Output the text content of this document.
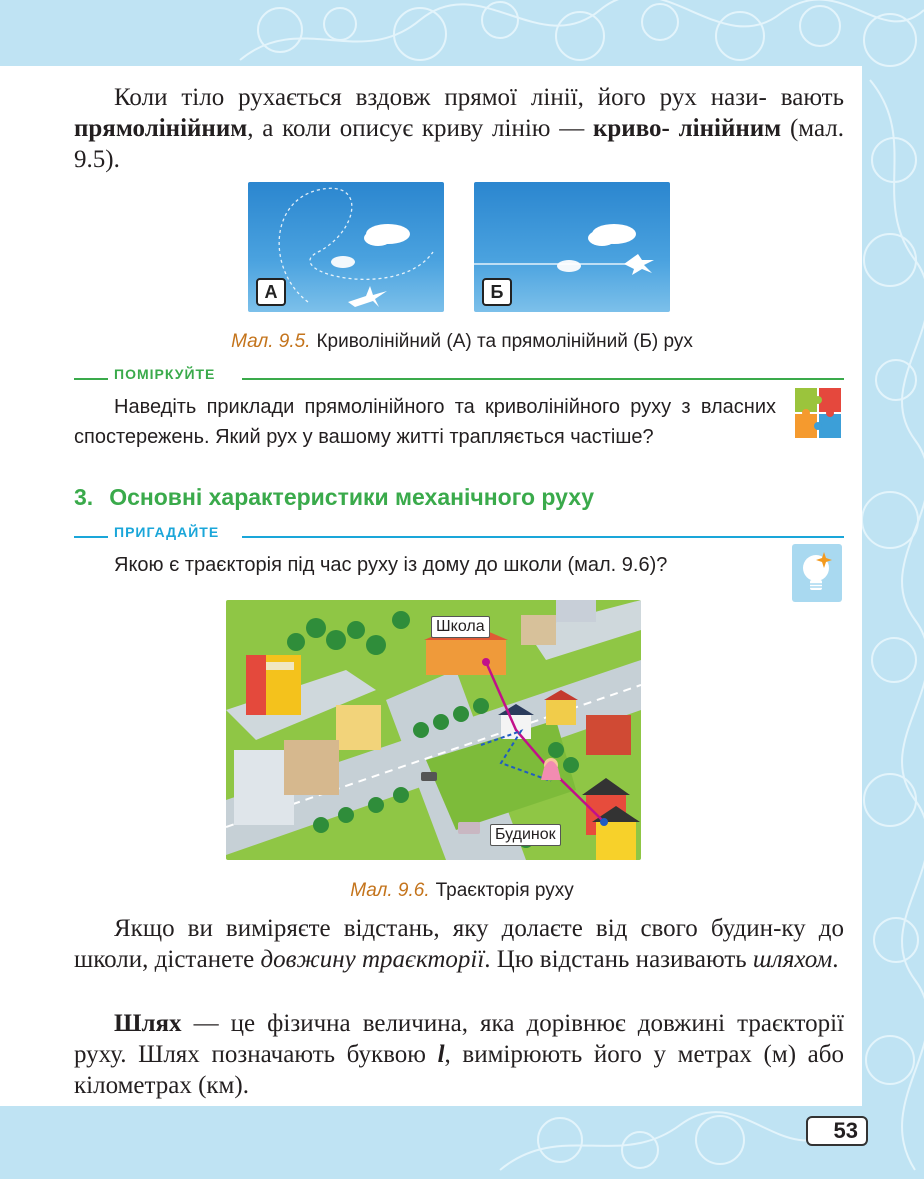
Коли тіло рухається вздовж прямої лінії, його рух нази- вають прямолінійним, а коли описує криву лінію — криво- лінійним (мал. 9.5).
А	Б
Мал. 9.5. Криволінійний (А) та прямолінійний (Б) рух
ПОМІРКУЙТЕ
Наведіть приклади прямолінійного та криволінійного руху з власних спостережень. Який рух у вашому житті трапляється частіше?
3. Основні характеристики механічного руху
ПРИГАДАЙТЕ
Якою є траєкторія під час руху із дому до школи (мал. 9.6)?
Школа
Будинок
Мал. 9.6. Траєкторія руху
Якщо ви виміряєте відстань, яку долаєте від свого будин-ку до школи, дістанете довжину траєкторії. Цю відстань називають шляхом.
Шлях — це фізична величина, яка дорівнює довжині траєкторії руху. Шлях позначають буквою l, вимірюють його у метрах (м) або кілометрах (км).
53
